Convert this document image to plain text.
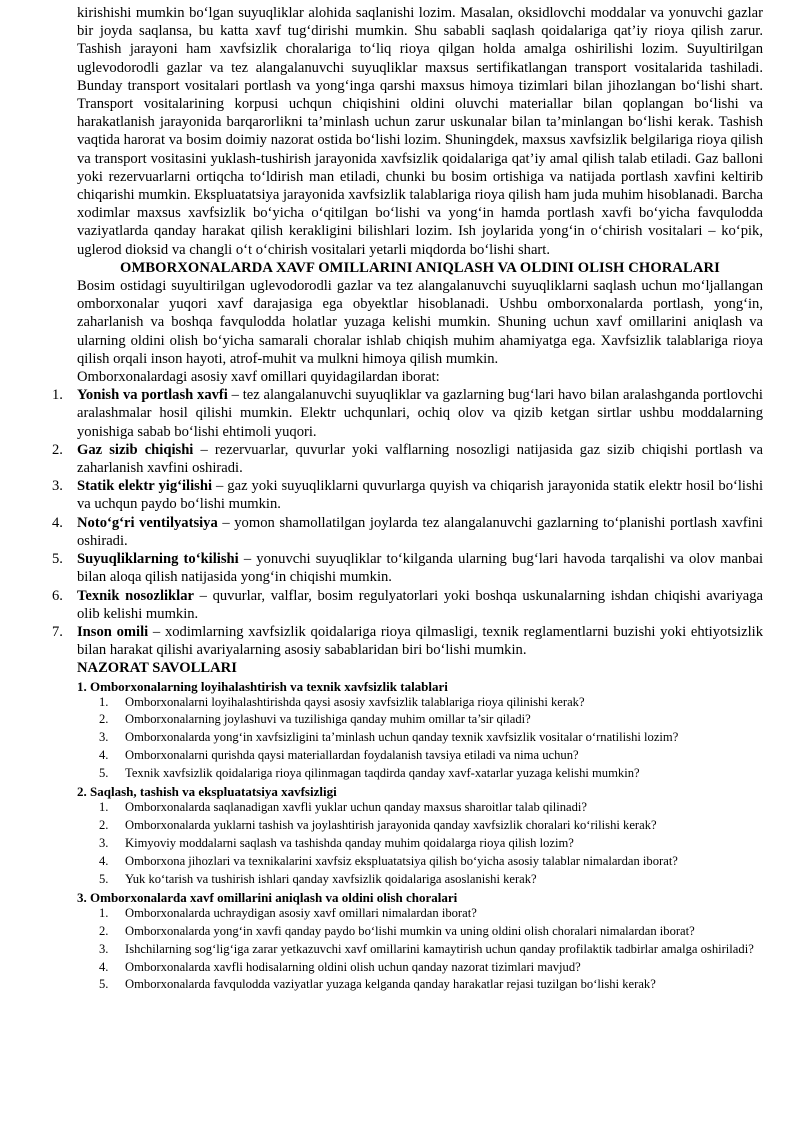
kirishishi mumkin bo‘lgan suyuqliklar alohida saqlanishi lozim. Masalan, oksidlovchi moddalar va yonuvchi gazlar bir joyda saqlansa, bu katta xavf tug‘dirishi mumkin. Shu sababli saqlash qoidalariga qat’iy rioya qilish zarur. Tashish jarayoni ham xavfsizlik choralariga to‘liq rioya qilgan holda amalga oshirilishi lozim. Suyultirilgan uglevodorodli gazlar va tez alangalanuvchi suyuqliklar maxsus sertifikatlangan transport vositalarida tashiladi. Bunday transport vositalari portlash va yong‘inga qarshi maxsus himoya tizimlari bilan jihozlangan bo‘lishi shart. Transport vositalarining korpusi uchqun chiqishini oldini oluvchi materiallar bilan qoplangan bo‘lishi va harakatlanish jarayonida barqarorlikni ta’minlash uchun zarur uskunalar bilan ta’minlangan bo‘lishi kerak. Tashish vaqtida harorat va bosim doimiy nazorat ostida bo‘lishi lozim. Shuningdek, maxsus xavfsizlik belgilariga rioya qilish va transport vositasini yuklash-tushirish jarayonida xavfsizlik qoidalariga qat’iy amal qilish talab etiladi. Gaz balloni yoki rezervuarlarni ortiqcha to‘ldirish man etiladi, chunki bu bosim ortishiga va natijada portlash xavfini keltirib chiqarishi mumkin. Ekspluatatsiya jarayonida xavfsizlik talablariga rioya qilish ham juda muhim hisoblanadi. Barcha xodimlar maxsus xavfsizlik bo‘yicha o‘qitilgan bo‘lishi va yong‘in hamda portlash xavfi bo‘yicha favqulodda vaziyatlarda qanday harakat qilish kerakligini bilishlari lozim. Ish joylarida yong‘in o‘chirish vositalari – ko‘pik, uglerod dioksid va changli o‘t o‘chirish vositalari yetarli miqdorda bo‘lishi shart.

OMBORXONALARDA XAVF OMILLARINI ANIQLASH VA OLDINI OLISH CHORALARI

Bosim ostidagi suyultirilgan uglevodorodli gazlar va tez alangalanuvchi suyuqliklarni saqlash uchun mo‘ljallangan omborxonalar yuqori xavf darajasiga ega obyektlar hisoblanadi. Ushbu omborxonalarda portlash, yong‘in, zaharlanish va boshqa favqulodda holatlar yuzaga kelishi mumkin. Shuning uchun xavf omillarini aniqlash va ularning oldini olish bo‘yicha samarali choralar ishlab chiqish muhim ahamiyatga ega. Xavfsizlik talablariga rioya qilish orqali inson hayoti, atrof-muhit va mulkni himoya qilish mumkin.

Omborxonalardagi asosiy xavf omillari quyidagilardan iborat:

1. Yonish va portlash xavfi – tez alangalanuvchi suyuqliklar va gazlarning bug‘lari havo bilan aralashganda portlovchi aralashmalar hosil qilishi mumkin. Elektr uchqunlari, ochiq olov va qizib ketgan sirtlar ushbu moddalarning yonishiga sabab bo‘lishi ehtimoli yuqori.
2. Gaz sizib chiqishi – rezervuarlar, quvurlar yoki valflarning nosozligi natijasida gaz sizib chiqishi portlash va zaharlanish xavfini oshiradi.
3. Statik elektr yig‘ilishi – gaz yoki suyuqliklarni quvurlarga quyish va chiqarish jarayonida statik elektr hosil bo‘lishi va uchqun paydo bo‘lishi mumkin.
4. Noto‘g‘ri ventilyatsiya – yomon shamollatilgan joylarda tez alangalanuvchi gazlarning to‘planishi portlash xavfini oshiradi.
5. Suyuqliklarning to‘kilishi – yonuvchi suyuqliklar to‘kilganda ularning bug‘lari havoda tarqalishi va olov manbai bilan aloqa qilish natijasida yong‘in chiqishi mumkin.
6. Texnik nosozliklar – quvurlar, valflar, bosim regulyatorlari yoki boshqa uskunalarning ishdan chiqishi avariyaga olib kelishi mumkin.
7. Inson omili – xodimlarning xavfsizlik qoidalariga rioya qilmasligi, texnik reglamentlarni buzishi yoki ehtiyotsizlik bilan harakat qilishi avariyalarning asosiy sabablaridan biri bo‘lishi mumkin.
NAZORAT SAVOLLARI

1. Omborxonalarning loyihalashtirish va texnik xavfsizlik talablari

1. Omborxonalarni loyihalashtirishda qaysi asosiy xavfsizlik talablariga rioya qilinishi kerak?
2. Omborxonalarning joylashuvi va tuzilishiga qanday muhim omillar ta’sir qiladi?
3. Omborxonalarda yong‘in xavfsizligini ta’minlash uchun qanday texnik xavfsizlik vositalar o‘rnatilishi lozim?
4. Omborxonalarni qurishda qaysi materiallardan foydalanish tavsiya etiladi va nima uchun?
5. Texnik xavfsizlik qoidalariga rioya qilinmagan taqdirda qanday xavf-xatarlar yuzaga kelishi mumkin?

2. Saqlash, tashish va ekspluatatsiya xavfsizligi

1. Omborxonalarda saqlanadigan xavfli yuklar uchun qanday maxsus sharoitlar talab qilinadi?
2. Omborxonalarda yuklarni tashish va joylashtirish jarayonida qanday xavfsizlik choralari ko‘rilishi kerak?
3. Kimyoviy moddalarni saqlash va tashishda qanday muhim qoidalarga rioya qilish lozim?
4. Omborxona jihozlari va texnikalarini xavfsiz ekspluatatsiya qilish bo‘yicha asosiy talablar nimalardan iborat?
5. Yuk ko‘tarish va tushirish ishlari qanday xavfsizlik qoidalariga asoslanishi kerak?

3. Omborxonalarda xavf omillarini aniqlash va oldini olish choralari

1. Omborxonalarda uchraydigan asosiy xavf omillari nimalardan iborat?
2. Omborxonalarda yong‘in xavfi qanday paydo bo‘lishi mumkin va uning oldini olish choralari nimalardan iborat?
3. Ishchilarning sog‘lig‘iga zarar yetkazuvchi xavf omillarini kamaytirish uchun qanday profilaktik tadbirlar amalga oshiriladi?
4. Omborxonalarda xavfli hodisalarning oldini olish uchun qanday nazorat tizimlari mavjud?
5. Omborxonalarda favqulodda vaziyatlar yuzaga kelganda qanday harakatlar rejasi tuzilgan bo‘lishi kerak?
